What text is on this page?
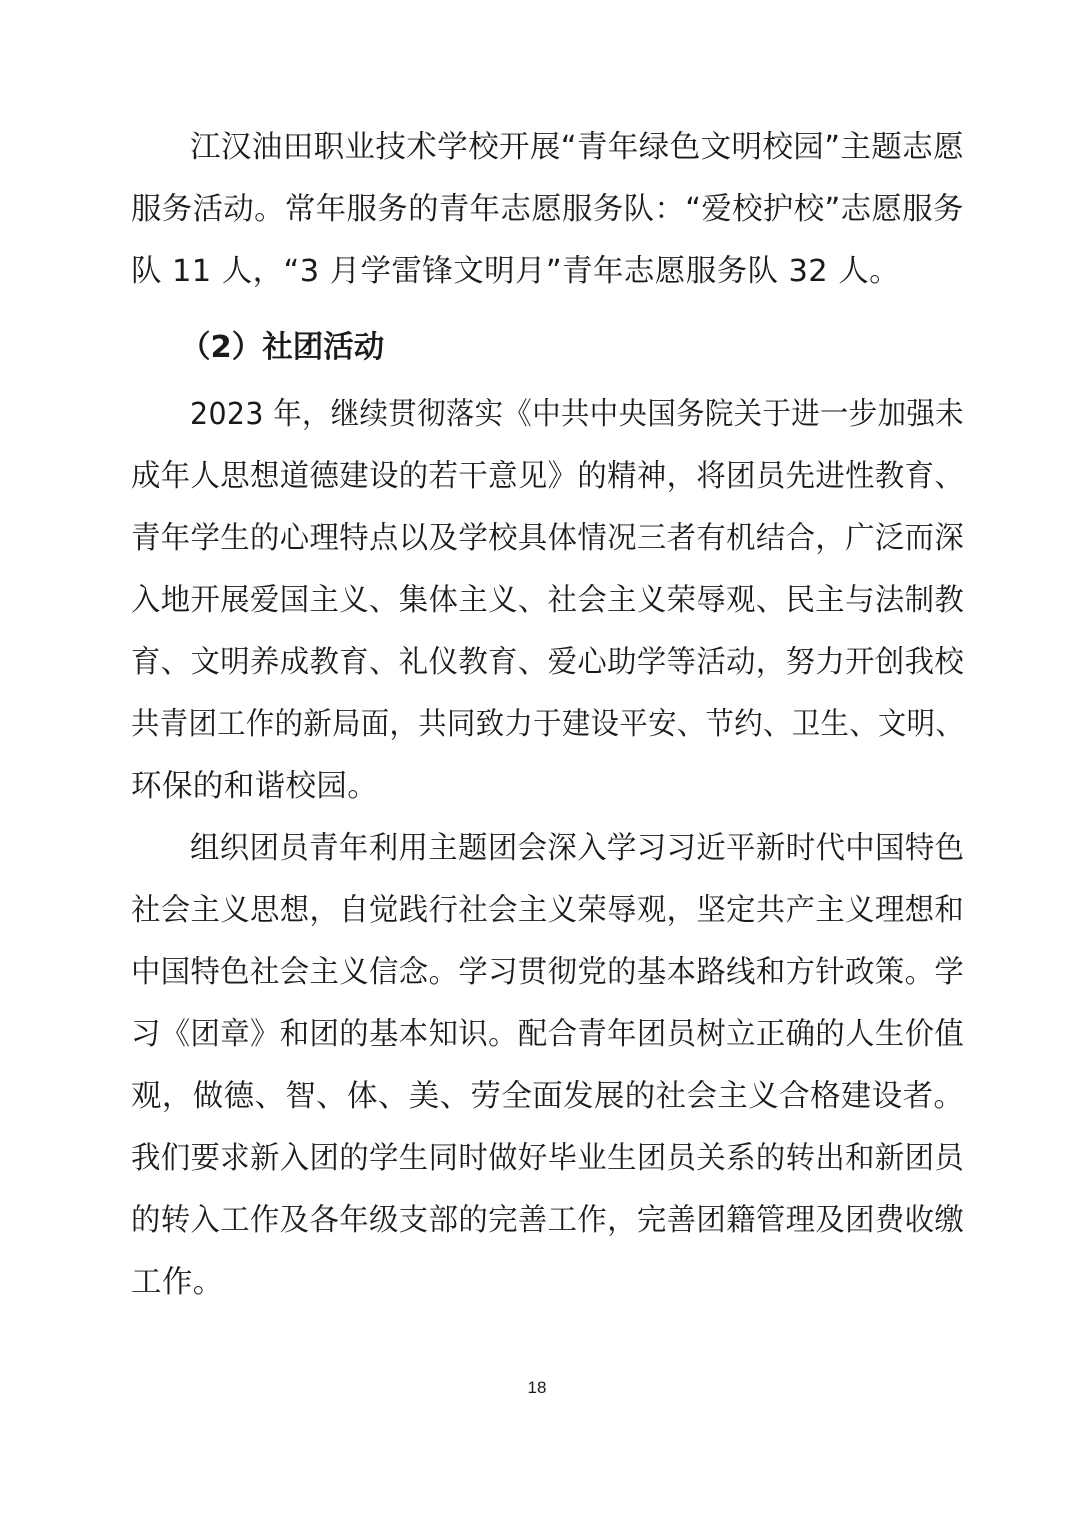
江汉油田职业技术学校开展“青年绿色文明校园”主题志愿
服务活动。常年服务的青年志愿服务队：“爱校护校”志愿服务
队 11 人，“3 月学雷锋文明月”青年志愿服务队 32 人。
（2）社团活动
2023 年，继续贯彻落实《中共中央国务院关于进一步加强未
成年人思想道德建设的若干意见》的精神，将团员先进性教育、
青年学生的心理特点以及学校具体情况三者有机结合，广泛而深
入地开展爱国主义、集体主义、社会主义荣辱观、民主与法制教
育、文明养成教育、礼仪教育、爱心助学等活动，努力开创我校
共青团工作的新局面，共同致力于建设平安、节约、卫生、文明、
环保的和谐校园。
组织团员青年利用主题团会深入学习习近平新时代中国特色
社会主义思想，自觉践行社会主义荣辱观，坚定共产主义理想和
中国特色社会主义信念。学习贯彻党的基本路线和方针政策。学
习《团章》和团的基本知识。配合青年团员树立正确的人生价值
观，做德、智、体、美、劳全面发展的社会主义合格建设者。
我们要求新入团的学生同时做好毕业生团员关系的转出和新团员
的转入工作及各年级支部的完善工作，完善团籍管理及团费收缴
工作。
18
